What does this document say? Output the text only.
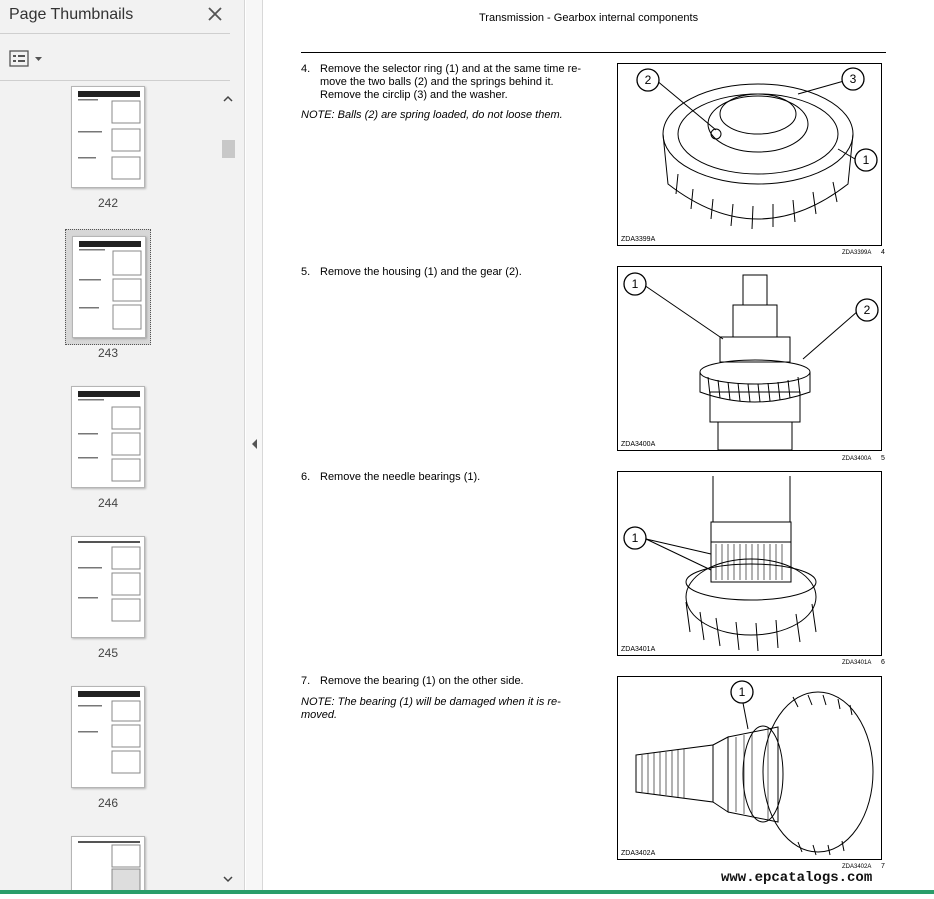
Page Thumbnails
242
243
244
245
246
Transmission - Gearbox internal components
4. Remove the selector ring (1) and at the same time re-
move the two balls (2) and the springs behind it.
Remove the circlip (3) and the washer.
NOTE: Balls (2) are spring loaded, do not loose them.
2	3
1
ZDA3399A
ZDA3399A 4
5. Remove the housing (1) and the gear (2).
1
2
ZDA3400A
ZDA3400A 5
6. Remove the needle bearings (1).
1
ZDA3401A
ZDA3401A 6
7. Remove the bearing (1) on the other side.
NOTE: The bearing (1) will be damaged when it is re-
moved.
1
ZDA3402A
ZDA3402A 7
www.epcatalogs.com
